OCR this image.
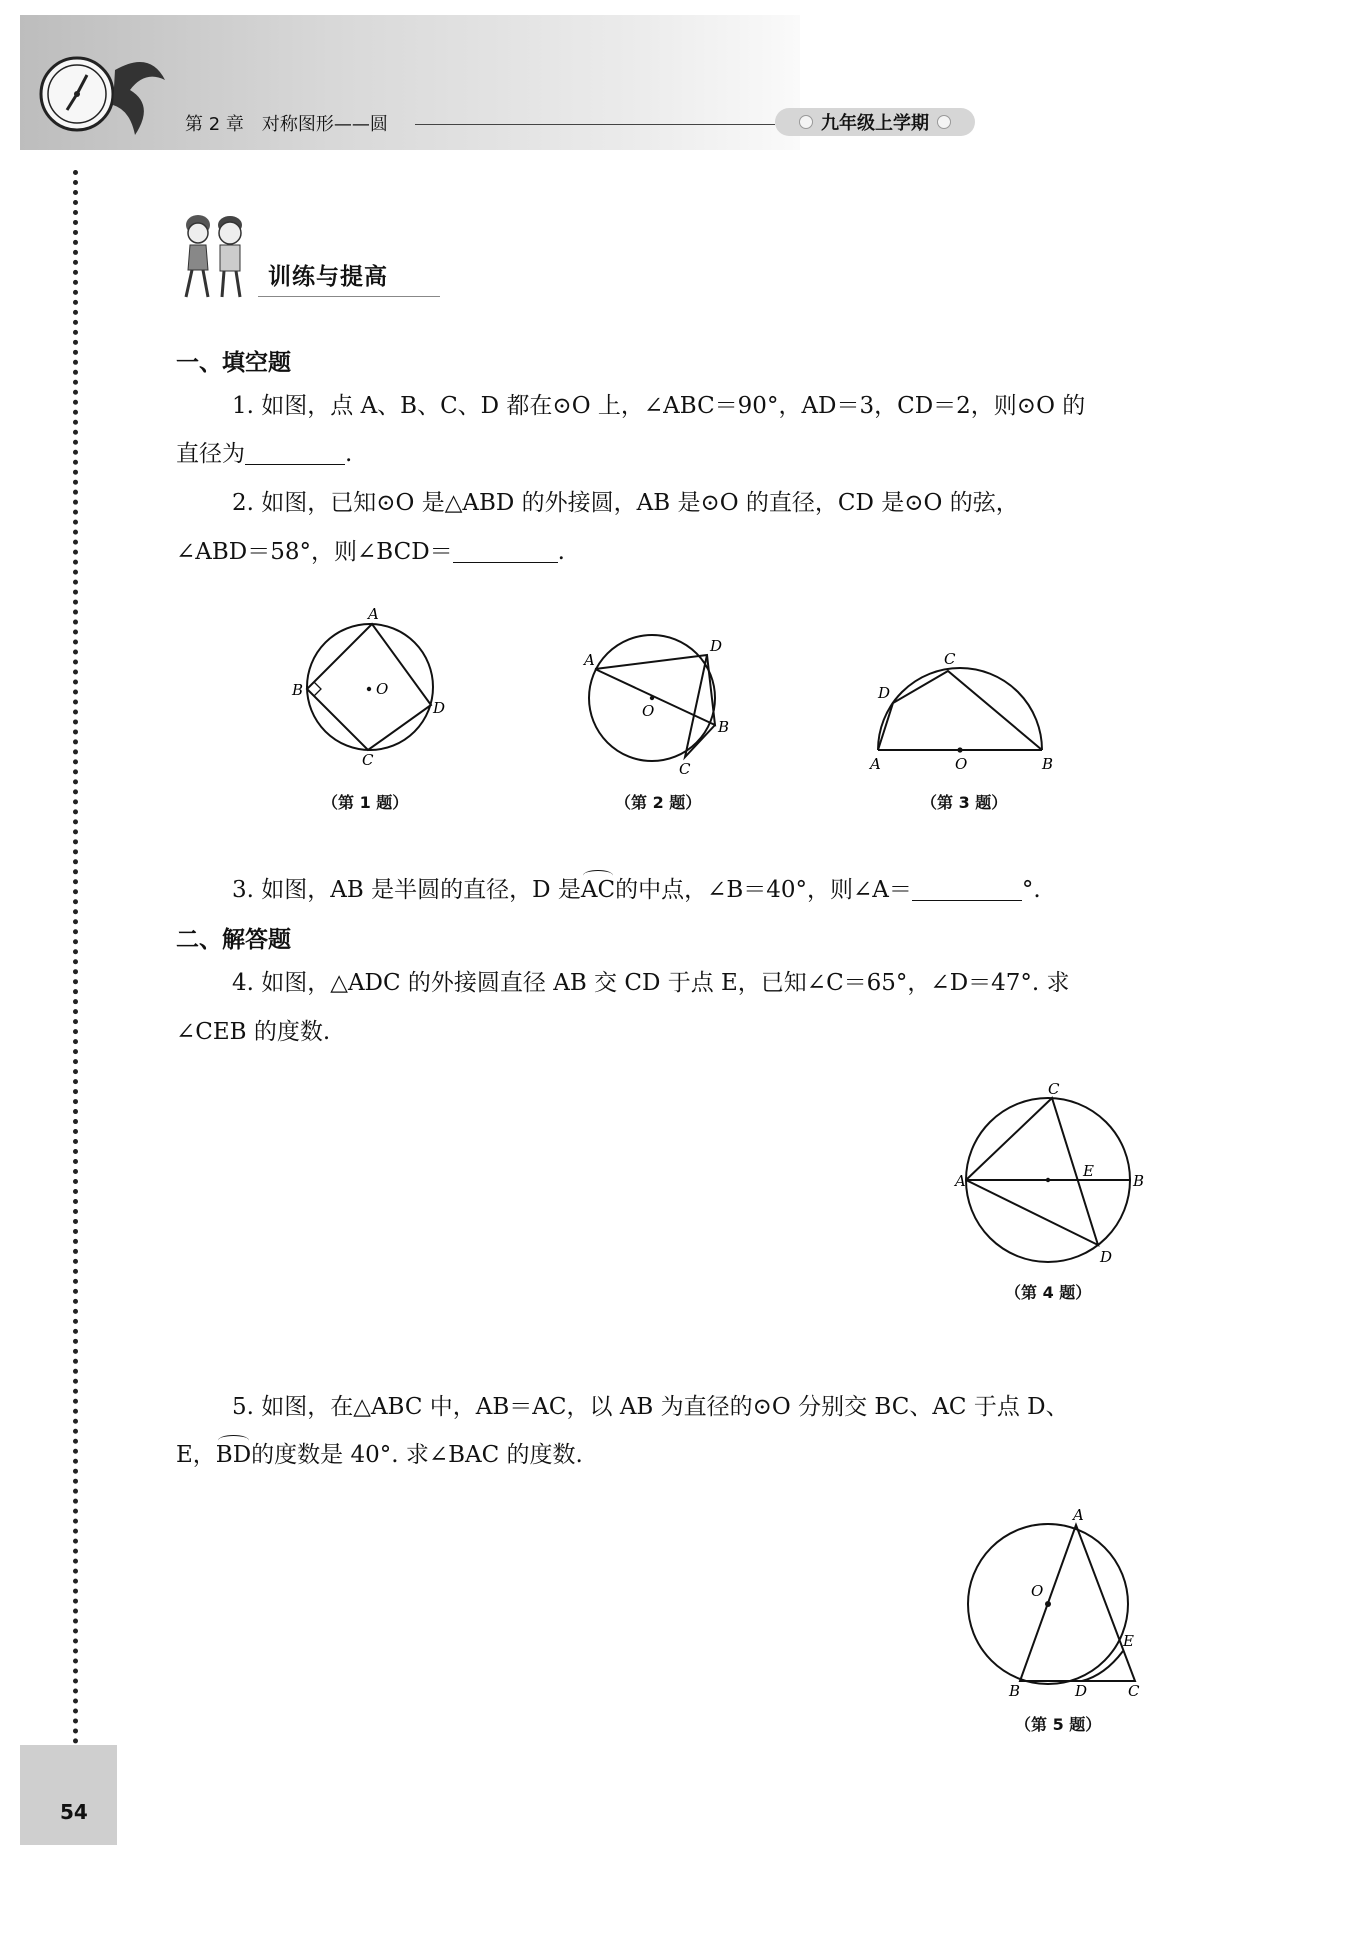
第 2 章　对称图形——圆	九年级上学期
54
训练与提高
一、填空题
1. 如图，点 A、B、C、D 都在⊙O 上，∠ABC＝90°，AD＝3，CD＝2，则⊙O 的
直径为	.
2. 如图，已知⊙O 是△ABD 的外接圆，AB 是⊙O 的直径，CD 是⊙O 的弦，
∠ABD＝58°，则∠BCD＝	.
A
B
C
D
O
（第 1 题）
A
D
B
C
O
（第 2 题）
A	O	B
D
C
（第 3 题）
3. 如图，AB 是半圆的直径，D 是AC的中点，∠B＝40°，则∠A＝	°.
二、解答题
4. 如图，△ADC 的外接圆直径 AB 交 CD 于点 E，已知∠C＝65°，∠D＝47°. 求
∠CEB 的度数.
A	B
C
D
E
（第 4 题）
5. 如图，在△ABC 中，AB＝AC，以 AB 为直径的⊙O 分别交 BC、AC 于点 D、
E，BD的度数是 40°. 求∠BAC 的度数.
A
O
E
B	D	C
（第 5 题）
